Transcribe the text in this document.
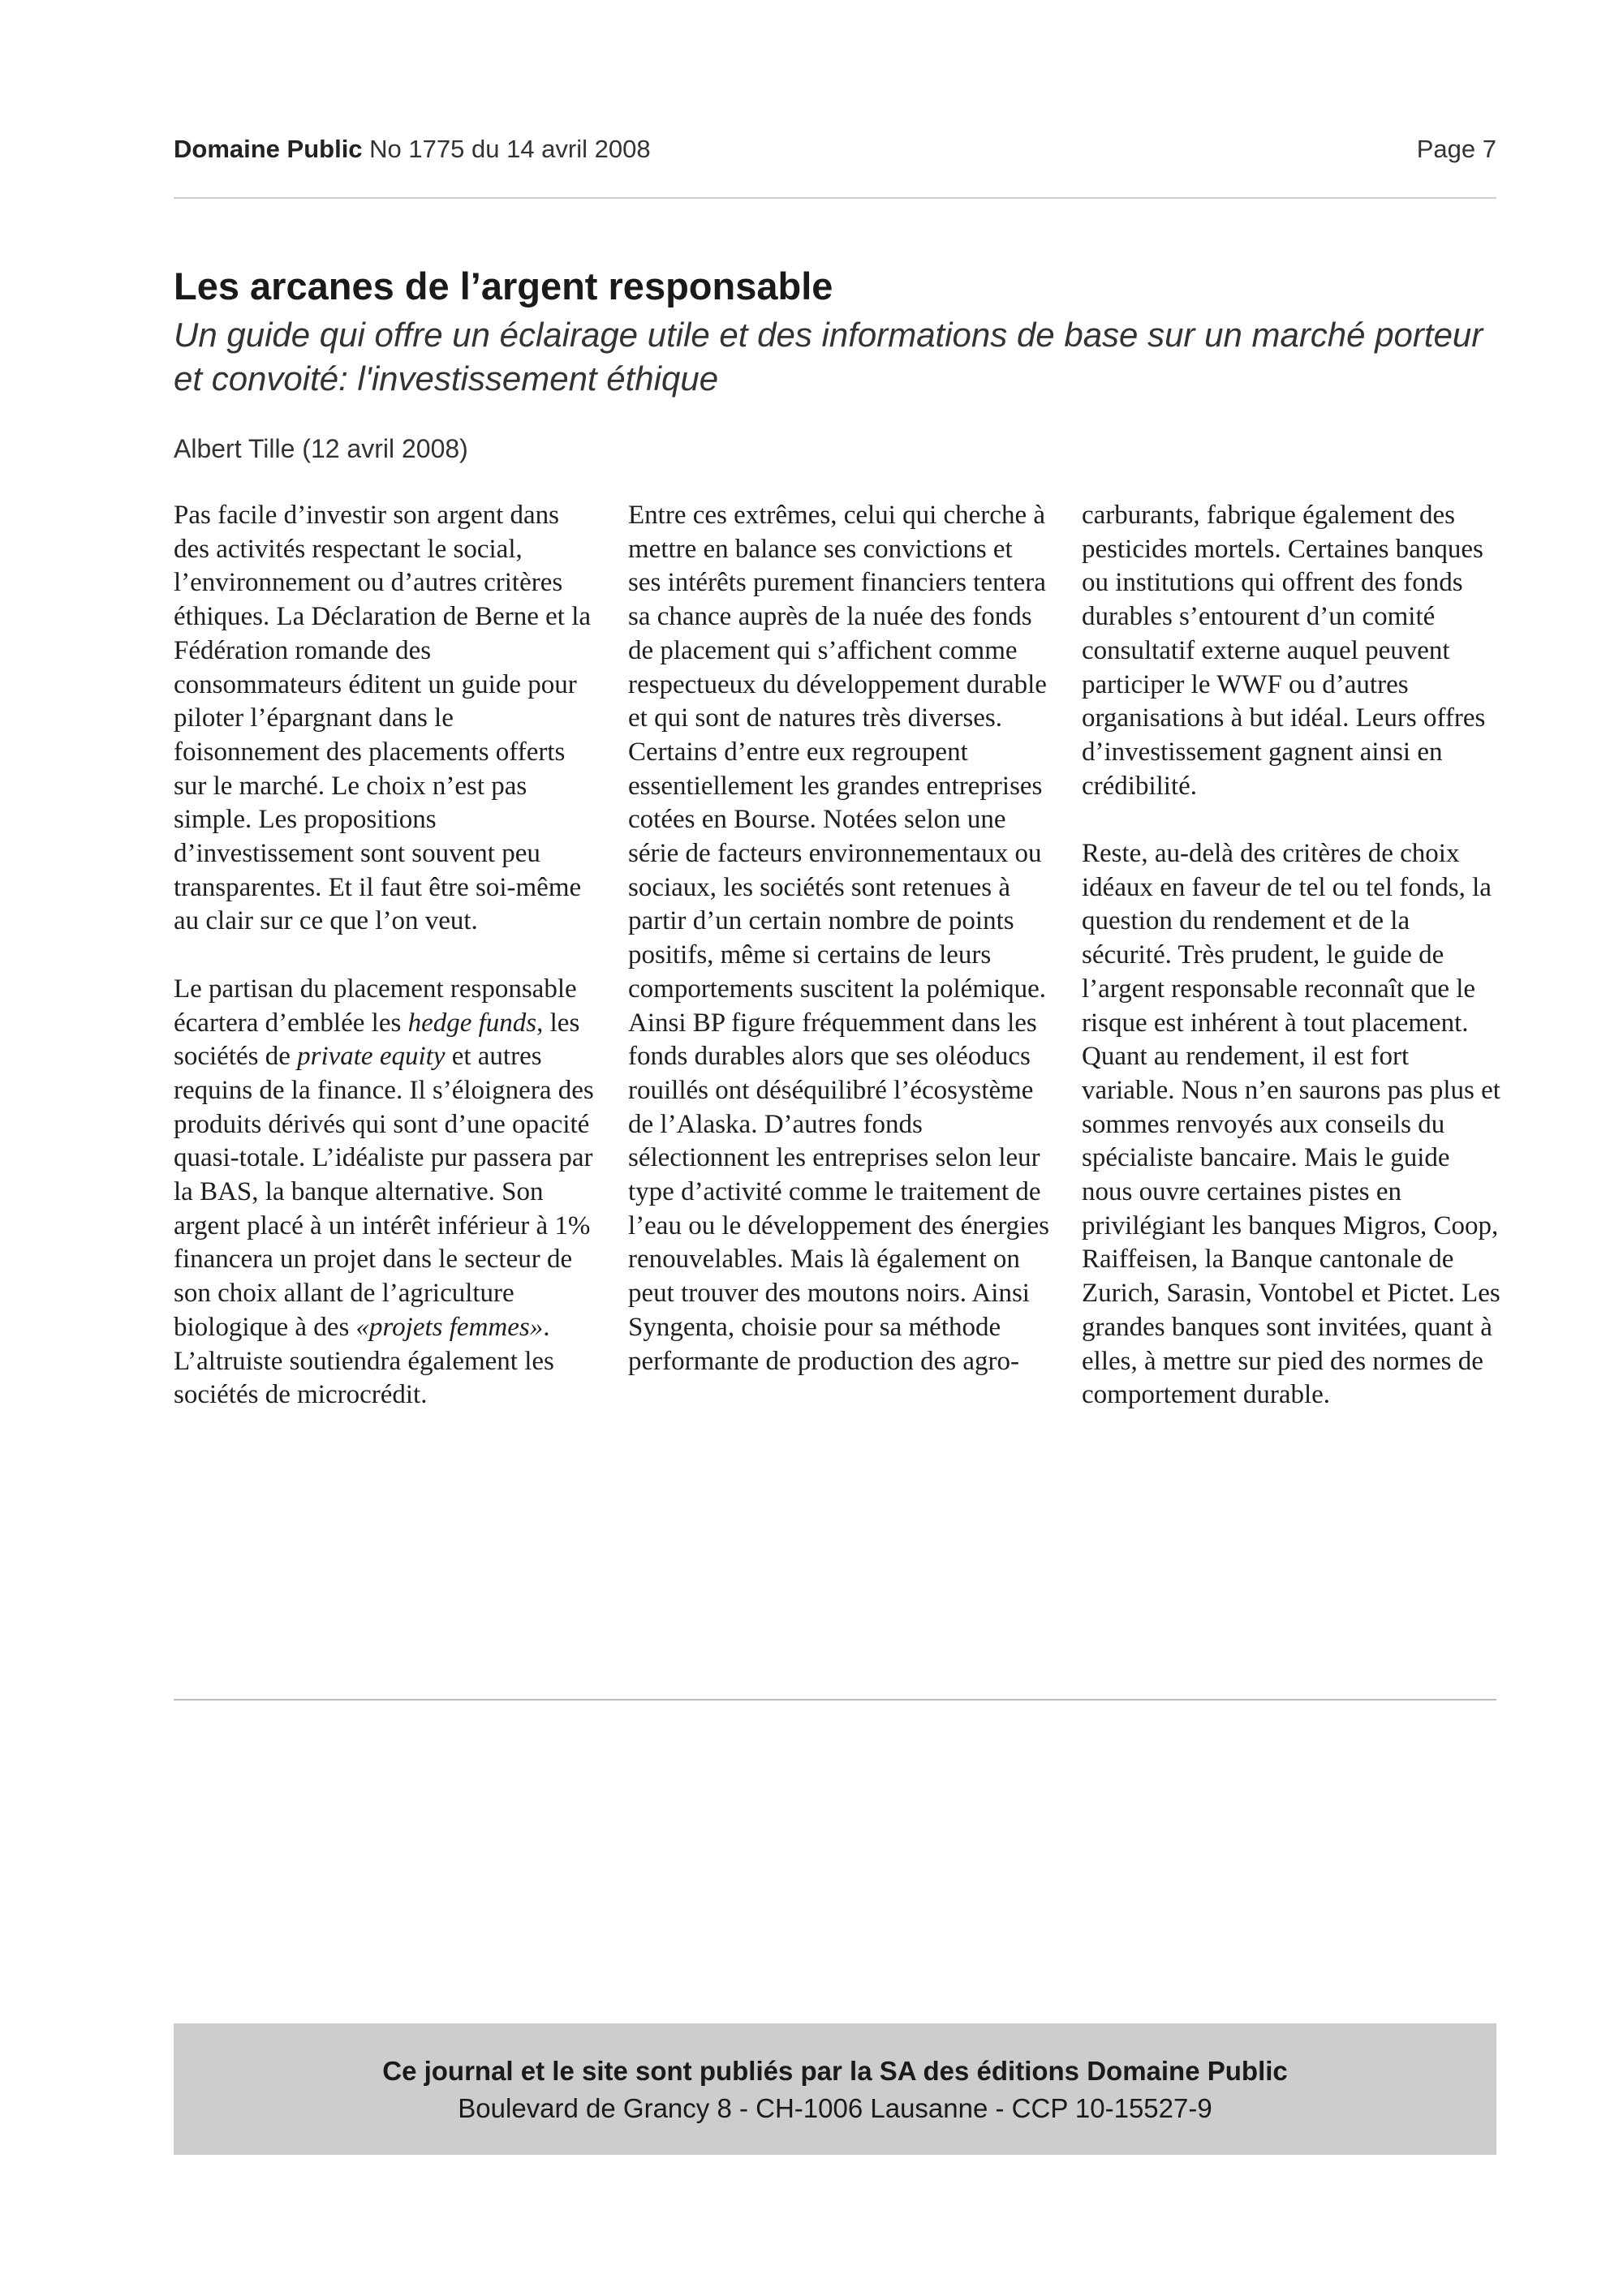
Domaine Public No 1775 du 14 avril 2008	Page 7
Les arcanes de l’argent responsable

Un guide qui offre un éclairage utile et des informations de base sur un marché porteur et convoité: l'investissement éthique

Albert Tille (12 avril 2008)

Pas facile d’investir son argent dans des activités respectant le social, l’environnement ou d’autres critères éthiques. La Déclaration de Berne et la Fédération romande des consommateurs éditent un guide pour piloter l’épargnant dans le foisonnement des placements offerts sur le marché. Le choix n’est pas simple. Les propositions d’investissement sont souvent peu transparentes. Et il faut être soi-même au clair sur ce que l’on veut.

Le partisan du placement responsable écartera d’emblée les hedge funds, les sociétés de private equity et autres requins de la finance. Il s’éloignera des produits dérivés qui sont d’une opacité quasi-totale. L’idéaliste pur passera par la BAS, la banque alternative. Son argent placé à un intérêt inférieur à 1% financera un projet dans le secteur de son choix allant de l’agriculture biologique à des «projets femmes». L’altruiste soutiendra également les sociétés de microcrédit.

Entre ces extrêmes, celui qui cherche à mettre en balance ses convictions et ses intérêts purement financiers tentera sa chance auprès de la nuée des fonds de placement qui s’affichent comme respectueux du développement durable et qui sont de natures très diverses. Certains d’entre eux regroupent essentiellement les grandes entreprises cotées en Bourse. Notées selon une série de facteurs environnementaux ou sociaux, les sociétés sont retenues à partir d’un certain nombre de points positifs, même si certains de leurs comportements suscitent la polémique. Ainsi BP figure fréquemment dans les fonds durables alors que ses oléoducs rouillés ont déséquilibré l’écosystème de l’Alaska. D’autres fonds sélectionnent les entreprises selon leur type d’activité comme le traitement de l’eau ou le développement des énergies renouvelables. Mais là également on peut trouver des moutons noirs. Ainsi Syngenta, choisie pour sa méthode performante de production des agro-

carburants, fabrique également des pesticides mortels. Certaines banques ou institutions qui offrent des fonds durables s’entourent d’un comité consultatif externe auquel peuvent participer le WWF ou d’autres organisations à but idéal. Leurs offres d’investissement gagnent ainsi en crédibilité.

Reste, au-delà des critères de choix idéaux en faveur de tel ou tel fonds, la question du rendement et de la sécurité. Très prudent, le guide de l’argent responsable reconnaît que le risque est inhérent à tout placement. Quant au rendement, il est fort variable. Nous n’en saurons pas plus et sommes renvoyés aux conseils du spécialiste bancaire. Mais le guide nous ouvre certaines pistes en privilégiant les banques Migros, Coop, Raiffeisen, la Banque cantonale de Zurich, Sarasin, Vontobel et Pictet. Les grandes banques sont invitées, quant à elles, à mettre sur pied des normes de comportement durable.

Ce journal et le site sont publiés par la SA des éditions Domaine Public
Boulevard de Grancy 8 - CH-1006 Lausanne - CCP 10-15527-9
